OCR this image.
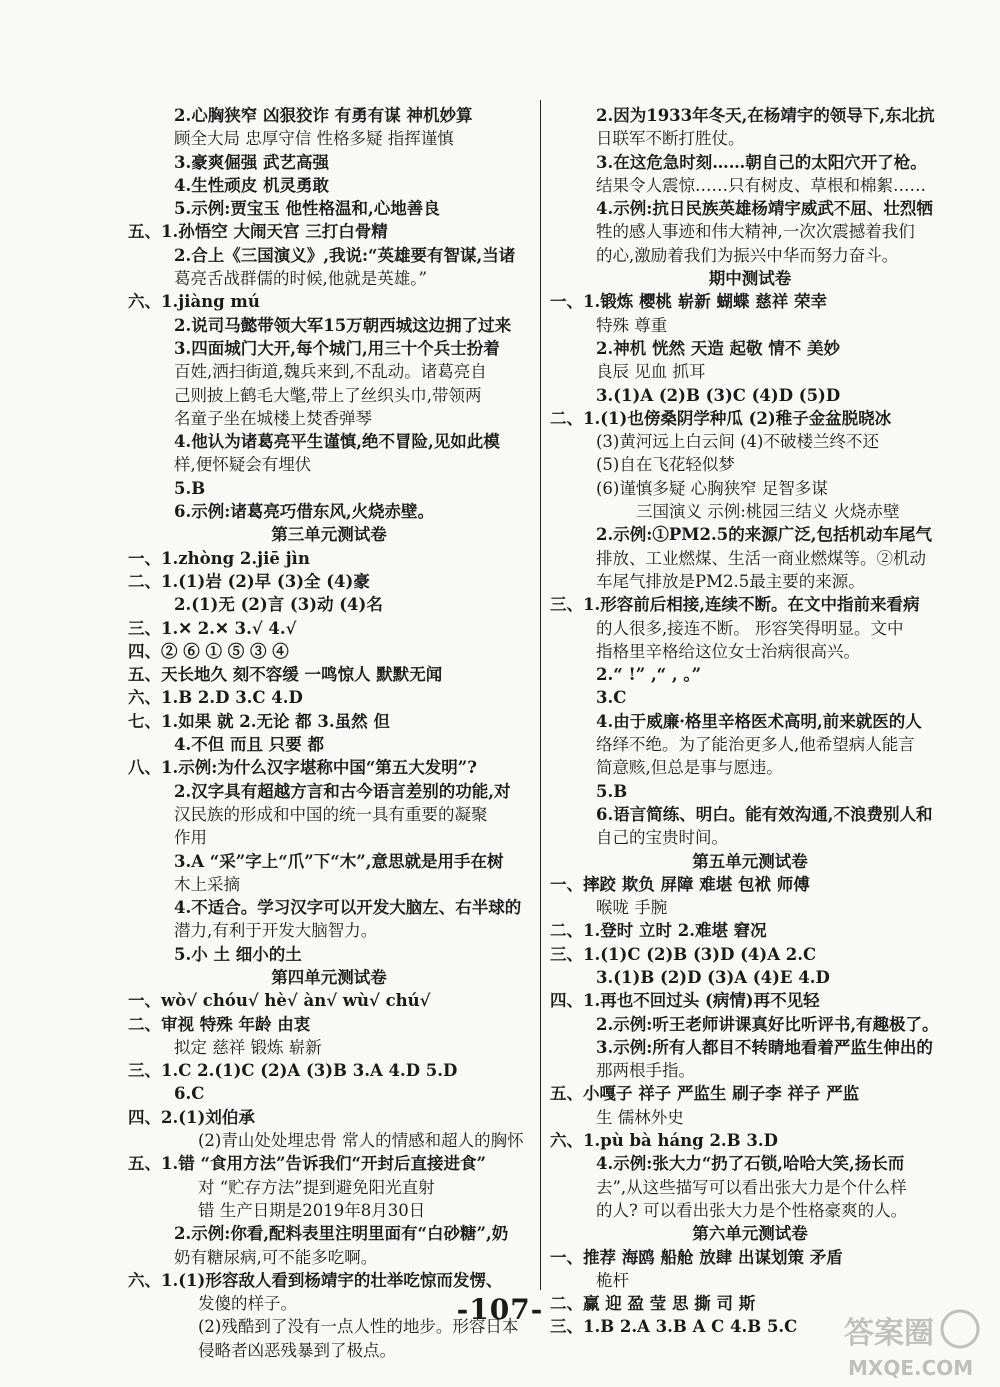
2.心胸狭窄 凶狠狡诈 有勇有谋 神机妙算
顾全大局 忠厚守信 性格多疑 指挥谨慎
3.豪爽倔强 武艺高强
4.生性顽皮 机灵勇敢
5.示例:贾宝玉 他性格温和,心地善良
五、1.孙悟空 大闹天宫 三打白骨精
2.合上《三国演义》,我说:“英雄要有智谋,当诸
葛亮舌战群儒的时候,他就是英雄。”
六、1.jiàng mú
2.说司马懿带领大军15万朝西城这边拥了过来
3.四面城门大开,每个城门,用三十个兵士扮着
百姓,洒扫街道,魏兵来到,不乱动。诸葛亮自
己则披上鹤毛大氅,带上了丝织头巾,带领两
名童子坐在城楼上焚香弹琴
4.他认为诸葛亮平生谨慎,绝不冒险,见如此模
样,便怀疑会有埋伏
5.B
6.示例:诸葛亮巧借东风,火烧赤壁。
第三单元测试卷
一、1.zhòng 2.jiē jìn
二、1.(1)岩 (2)早 (3)全 (4)豪
2.(1)无 (2)言 (3)动 (4)名
三、1.✕ 2.✕ 3.√ 4.√
四、② ⑥ ① ⑤ ③ ④
五、天长地久 刻不容缓 一鸣惊人 默默无闻
六、1.B 2.D 3.C 4.D
七、1.如果 就 2.无论 都 3.虽然 但
4.不但 而且 只要 都
八、1.示例:为什么汉字堪称中国“第五大发明”?
2.汉字具有超越方言和古今语言差别的功能,对
汉民族的形成和中国的统一具有重要的凝聚
作用
3.A “采”字上“爪”下“木”,意思就是用手在树
木上采摘
4.不适合。学习汉字可以开发大脑左、右半球的
潜力,有利于开发大脑智力。
5.小 土 细小的土
第四单元测试卷
一、wò√ chóu√ hè√ àn√ wù√ chú√
二、审视 特殊 年龄 由衷
拟定 慈祥 锻炼 崭新
三、1.C 2.(1)C (2)A (3)B 3.A 4.D 5.D
6.C
四、2.(1)刘伯承
(2)青山处处埋忠骨 常人的情感和超人的胸怀
五、1.错 “食用方法”告诉我们“开封后直接进食”
对 “贮存方法”提到避免阳光直射
错 生产日期是2019年8月30日
2.示例:你看,配料表里注明里面有“白砂糖”,奶
奶有糖尿病,可不能多吃啊。
六、1.(1)形容敌人看到杨靖宇的壮举吃惊而发愣、
发傻的样子。
(2)残酷到了没有一点人性的地步。形容日本
侵略者凶恶残暴到了极点。
2.因为1933年冬天,在杨靖宇的领导下,东北抗
日联军不断打胜仗。
3.在这危急时刻……朝自己的太阳穴开了枪。
结果令人震惊……只有树皮、草根和棉絮……
4.示例:抗日民族英雄杨靖宇威武不屈、壮烈牺
牲的感人事迹和伟大精神,一次次震撼着我们
的心,激励着我们为振兴中华而努力奋斗。
期中测试卷
一、1.锻炼 樱桃 崭新 蝴蝶 慈祥 荣幸
特殊 尊重
2.神机 恍然 天造 起敬 情不 美妙
良辰 见血 抓耳
3.(1)A (2)B (3)C (4)D (5)D
二、1.(1)也傍桑阴学种瓜 (2)稚子金盆脱晓冰
(3)黄河远上白云间 (4)不破楼兰终不还
(5)自在飞花轻似梦
(6)谨慎多疑 心胸狭窄 足智多谋
三国演义 示例:桃园三结义 火烧赤壁
2.示例:①PM2.5的来源广泛,包括机动车尾气
排放、工业燃煤、生活一商业燃煤等。②机动
车尾气排放是PM2.5最主要的来源。
三、1.形容前后相接,连续不断。在文中指前来看病
的人很多,接连不断。 形容笑得明显。文中
指格里辛格给这位女士治病很高兴。
2.“ !” ,“ , 。”
3.C
4.由于威廉·格里辛格医术高明,前来就医的人
络绎不绝。为了能治更多人,他希望病人能言
简意赅,但总是事与愿违。
5.B
6.语言简练、明白。能有效沟通,不浪费别人和
自己的宝贵时间。
第五单元测试卷
一、摔跤 欺负 屏障 难堪 包袱 师傅
喉咙 手腕
二、1.登时 立时 2.难堪 窘况
三、1.(1)C (2)B (3)D (4)A 2.C
3.(1)B (2)D (3)A (4)E 4.D
四、1.再也不回过头 (病情)再不见轻
2.示例:听王老师讲课真好比听评书,有趣极了。
3.示例:所有人都目不转睛地看着严监生伸出的
那两根手指。
五、小嘎子 祥子 严监生 刷子李 祥子 严监
生 儒林外史
六、1.pù bà háng 2.B 3.D
4.示例:张大力“扔了石锁,哈哈大笑,扬长而
去”,从这些描写可以看出张大力是个什么样
的人? 可以看出张大力是个性格豪爽的人。
第六单元测试卷
一、推荐 海鸥 船舱 放肆 出谋划策 矛盾
桅杆
二、赢 迎 盈 莹 思 撕 司 斯
三、1.B 2.A 3.B A C 4.B 5.C
-107-
答案圈
MXQE.COM
